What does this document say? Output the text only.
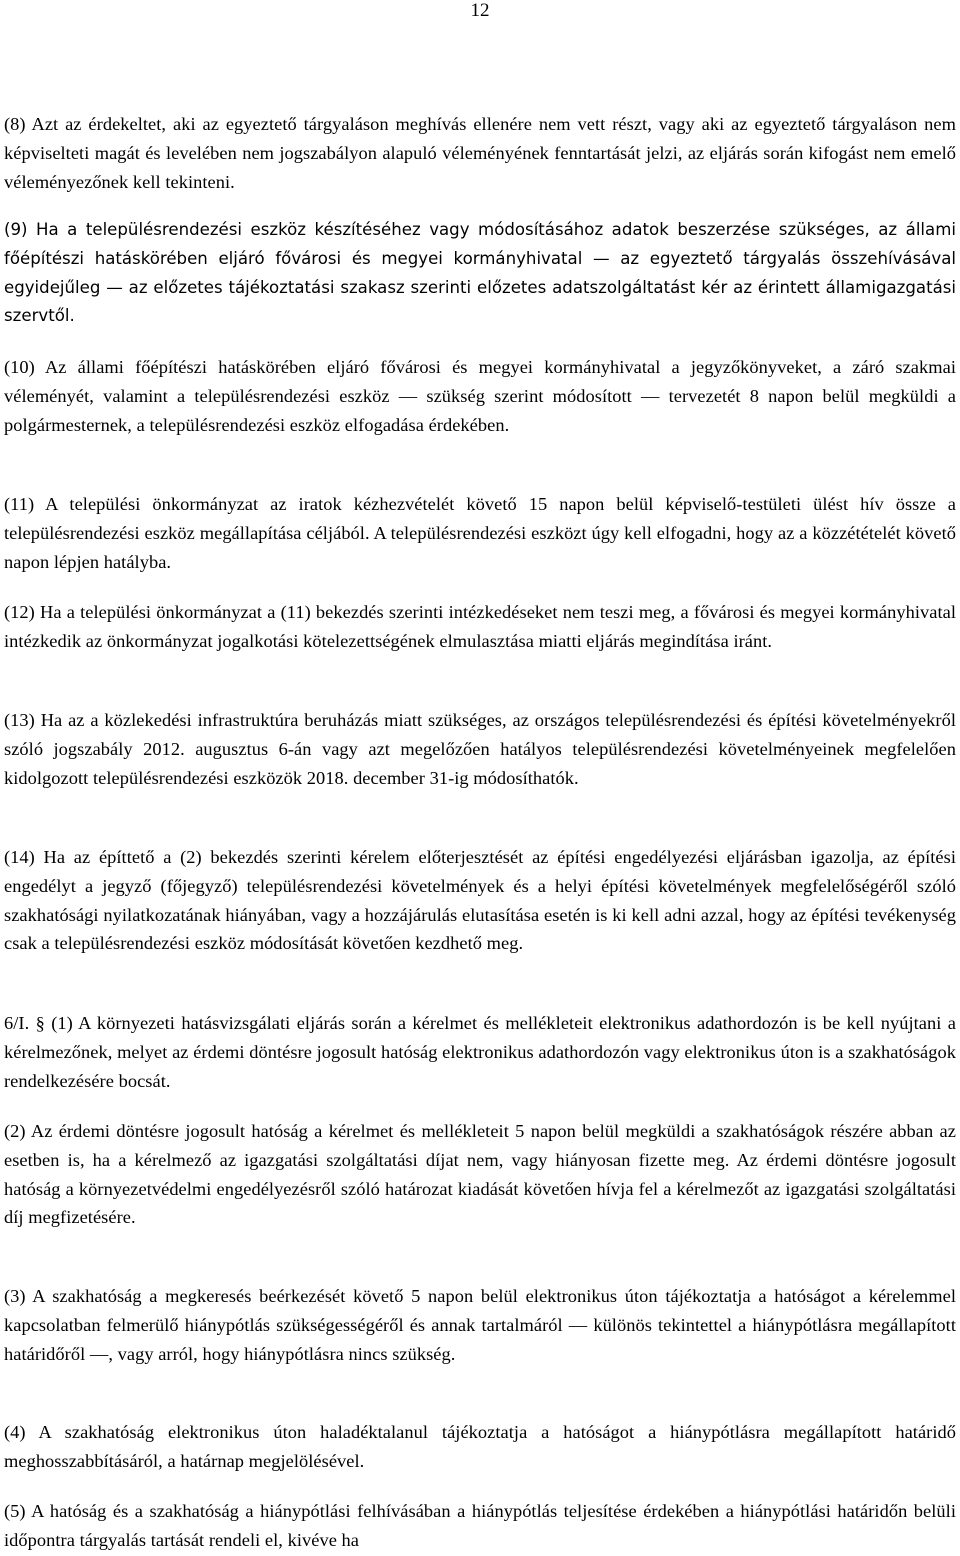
12

(8) Azt az érdekeltet, aki az egyeztető tárgyaláson meghívás ellenére nem vett részt, vagy aki az egyeztető tárgyaláson nem képviselteti magát és levelében nem jogszabályon alapuló véleményének fenntartását jelzi, az eljárás során kifogást nem emelő véleményezőnek kell tekinteni.

(9) Ha a településrendezési eszköz készítéséhez vagy módosításához adatok beszerzése szükséges, az állami főépítészi hatáskörében eljáró fővárosi és megyei kormányhivatal — az egyeztető tárgyalás összehívásával egyidejűleg — az előzetes tájékoztatási szakasz szerinti előzetes adatszolgáltatást kér az érintett államigazgatási szervtől.

(10) Az állami főépítészi hatáskörében eljáró fővárosi és megyei kormányhivatal a jegyzőkönyveket, a záró szakmai véleményét, valamint a településrendezési eszköz — szükség szerint módosított — tervezetét 8 napon belül megküldi a polgármesternek, a településrendezési eszköz elfogadása érdekében.

(11) A települési önkormányzat az iratok kézhezvételét követő 15 napon belül képviselő-testületi ülést hív össze a településrendezési eszköz megállapítása céljából. A településrendezési eszközt úgy kell elfogadni, hogy az a közzétételét követő napon lépjen hatályba.

(12) Ha a települési önkormányzat a (11) bekezdés szerinti intézkedéseket nem teszi meg, a fővárosi és megyei kormányhivatal intézkedik az önkormányzat jogalkotási kötelezettségének elmulasztása miatti eljárás megindítása iránt.

(13) Ha az a közlekedési infrastruktúra beruházás miatt szükséges, az országos településrendezési és építési követelményekről szóló jogszabály 2012. augusztus 6-án vagy azt megelőzően hatályos településrendezési követelményeinek megfelelően kidolgozott településrendezési eszközök 2018. december 31-ig módosíthatók.

(14) Ha az építtető a (2) bekezdés szerinti kérelem előterjesztését az építési engedélyezési eljárásban igazolja, az építési engedélyt a jegyző (főjegyző) településrendezési követelmények és a helyi építési követelmények megfelelőségéről szóló szakhatósági nyilatkozatának hiányában, vagy a hozzájárulás elutasítása esetén is ki kell adni azzal, hogy az építési tevékenység csak a településrendezési eszköz módosítását követően kezdhető meg.

6/I. § (1) A környezeti hatásvizsgálati eljárás során a kérelmet és mellékleteit elektronikus adathordozón is be kell nyújtani a kérelmezőnek, melyet az érdemi döntésre jogosult hatóság elektronikus adathordozón vagy elektronikus úton is a szakhatóságok rendelkezésére bocsát.

(2) Az érdemi döntésre jogosult hatóság a kérelmet és mellékleteit 5 napon belül megküldi a szakhatóságok részére abban az esetben is, ha a kérelmező az igazgatási szolgáltatási díjat nem, vagy hiányosan fizette meg. Az érdemi döntésre jogosult hatóság a környezetvédelmi engedélyezésről szóló határozat kiadását követően hívja fel a kérelmezőt az igazgatási szolgáltatási díj megfizetésére.

(3) A szakhatóság a megkeresés beérkezését követő 5 napon belül elektronikus úton tájékoztatja a hatóságot a kérelemmel kapcsolatban felmerülő hiánypótlás szükségességéről és annak tartalmáról — különös tekintettel a hiánypótlásra megállapított határidőről —, vagy arról, hogy hiánypótlásra nincs szükség.

(4) A szakhatóság elektronikus úton haladéktalanul tájékoztatja a hatóságot a hiánypótlásra megállapított határidő meghosszabbításáról, a határnap megjelölésével.

(5) A hatóság és a szakhatóság a hiánypótlási felhívásában a hiánypótlás teljesítése érdekében a hiánypótlási határidőn belüli időpontra tárgyalás tartását rendeli el, kivéve ha
